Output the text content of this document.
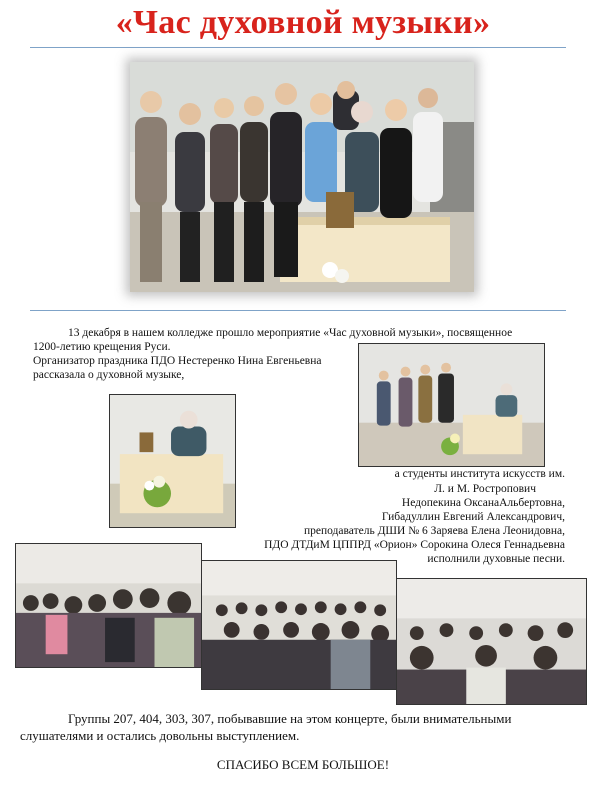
«Час духовной музыки»
13 декабря в нашем колледже прошло мероприятие «Час духовной музыки», посвященное
1200-летию крещения Руси.
Организатор праздника ПДО Нестеренко Нина Евгеньевна
рассказала о духовной музыке,
а студенты института искусств им.
Л. и М. Ростропович
Недопекина ОксанаАльбертовна,
Гибадуллин Евгений Александрович,
преподаватель ДШИ № 6 Заряева Елена Леонидовна,
ПДО ДТДиМ ЦППРД «Орион» Сорокина Олеся Геннадьевна
исполнили духовные песни.
Группы 207, 404, 303, 307, побывавшие на этом концерте, были внимательными слушателями и остались довольны выступлением.
СПАСИБО ВСЕМ БОЛЬШОЕ!
